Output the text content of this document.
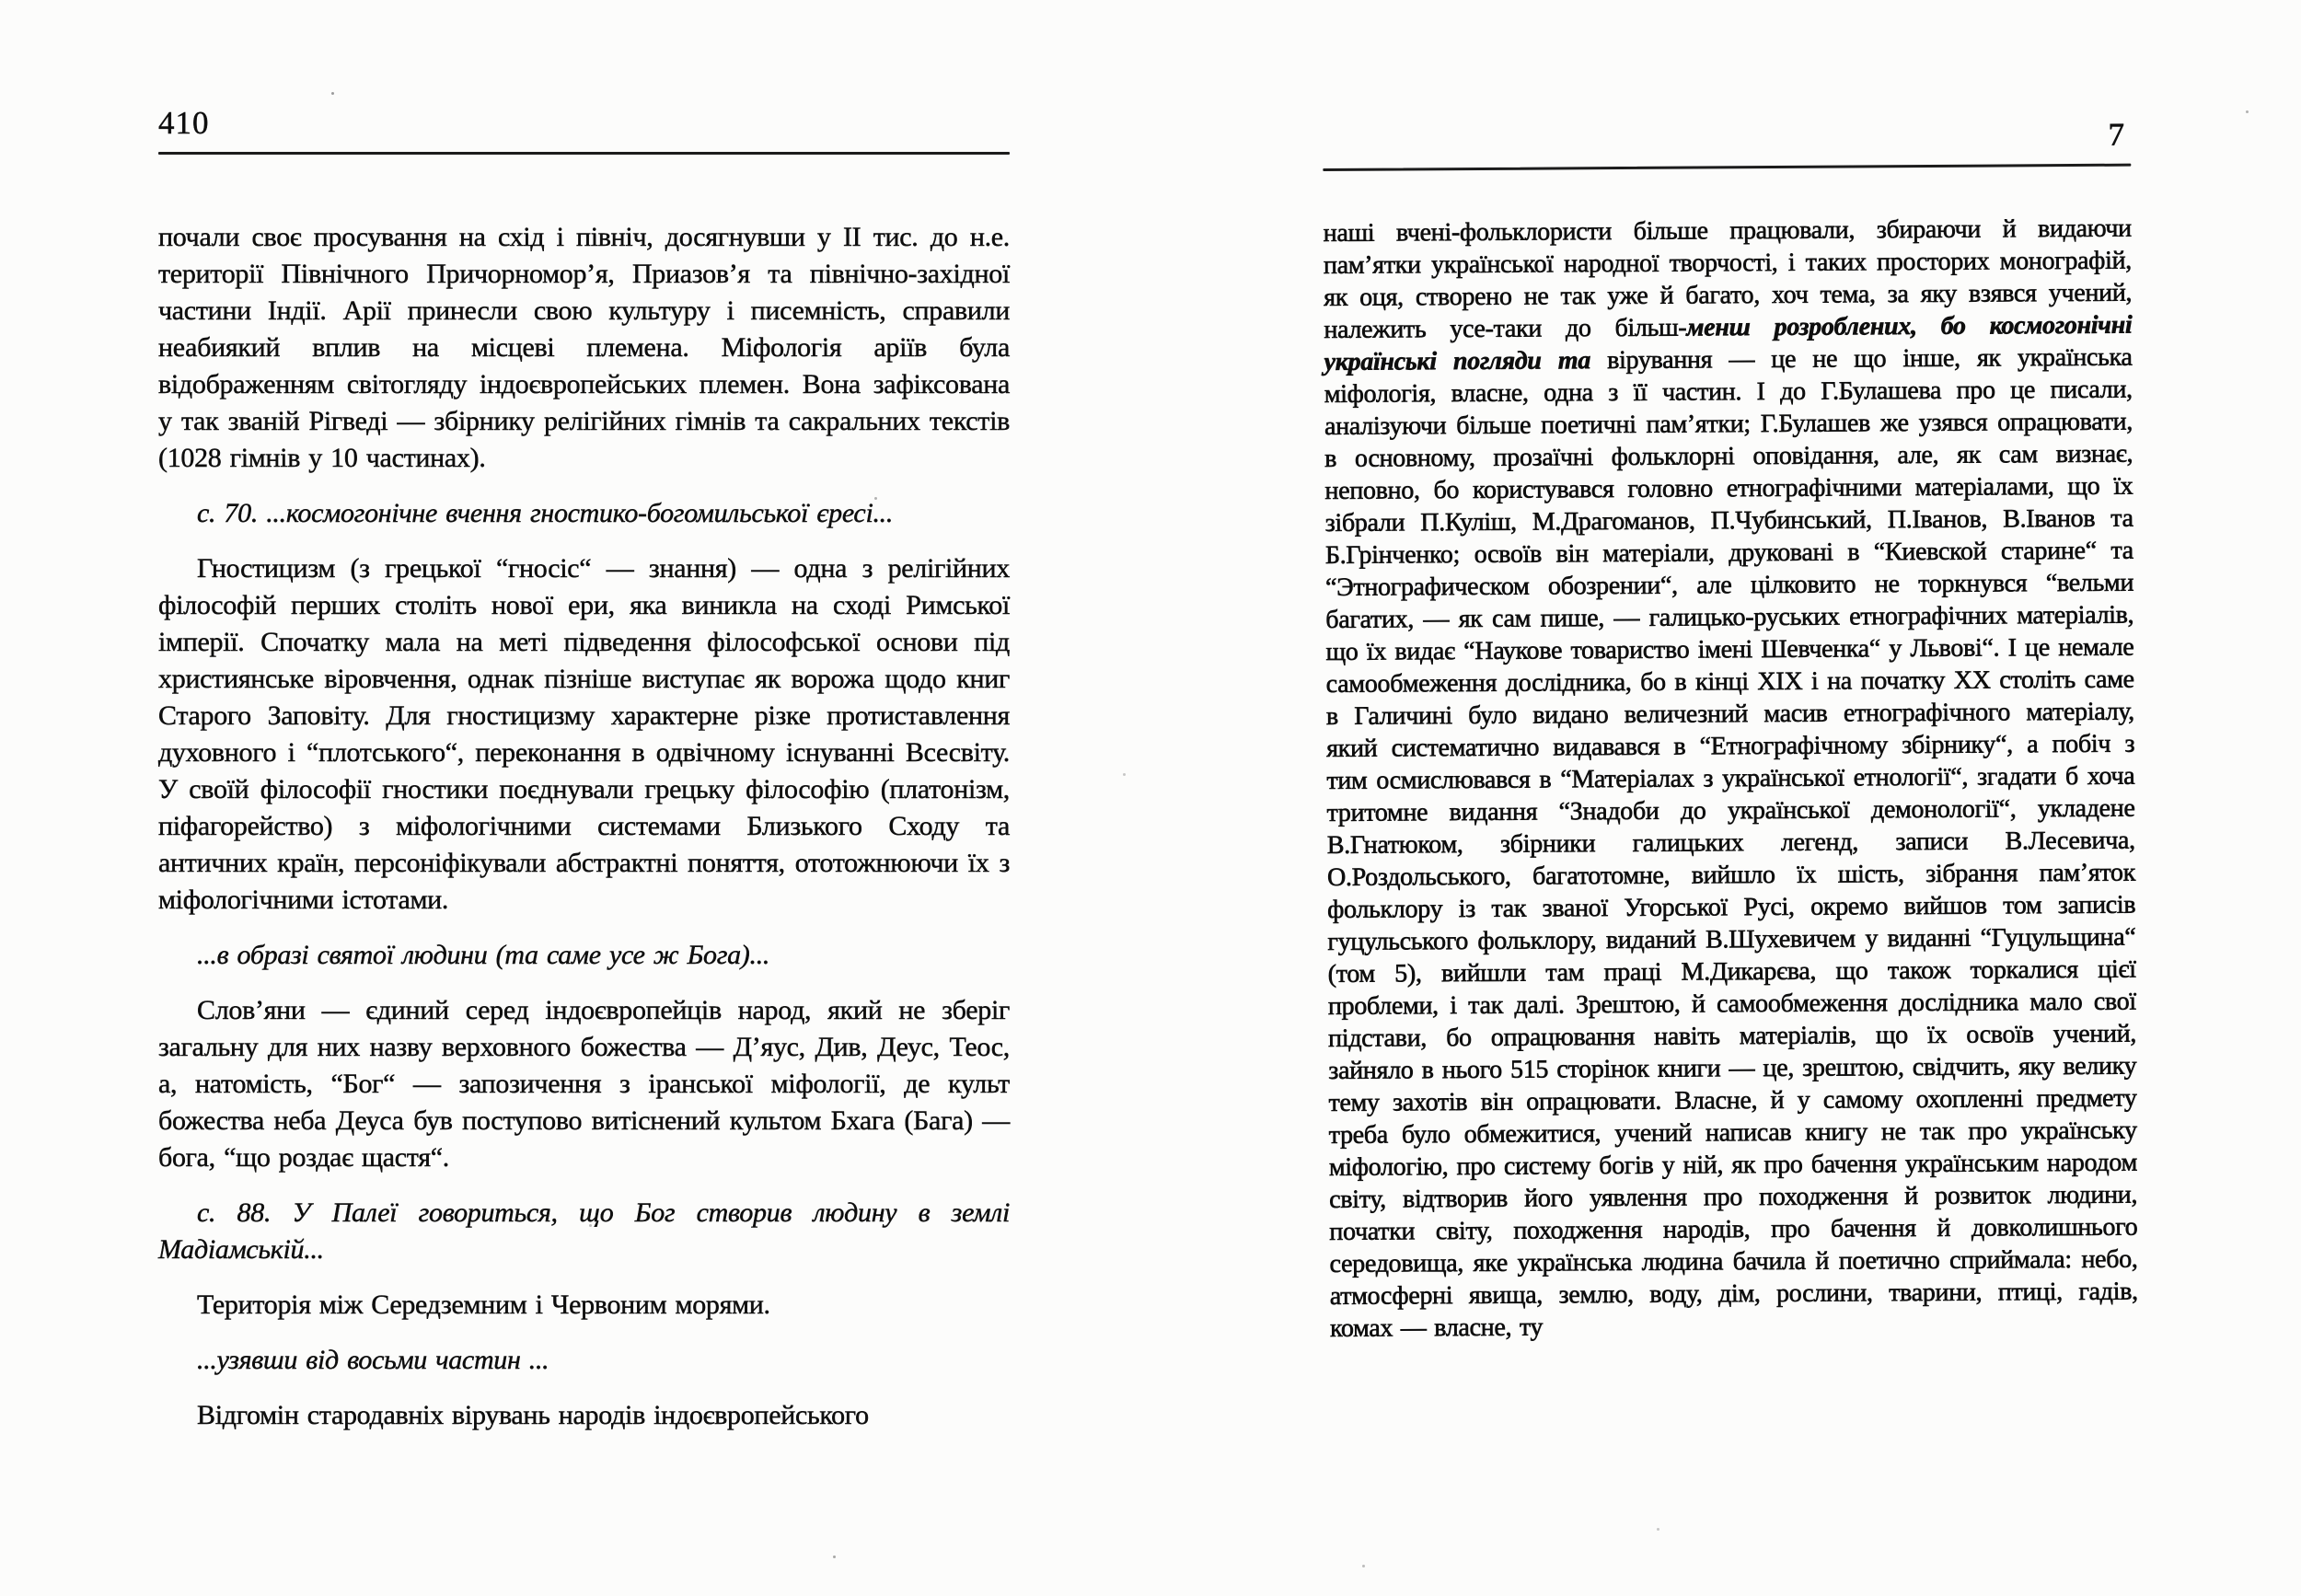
410

почали своє просування на схід і північ, досягнувши у II тис. до н.е. території Північного Причорномор’я, Приазов’я та північно-західної частини Індії. Арії принесли свою культуру і писемність, справили неабиякий вплив на місцеві племена. Міфологія аріїв була відображенням світогляду індоєвропейських племен. Вона зафіксована у так званій Рігведі — збірнику релігійних гімнів та сакральних текстів (1028 гімнів у 10 частинах).

с. 70. ...космогонічне вчення гностико-богомильської єресі...

Гностицизм (з грецької “гносіс“ — знання) — одна з релігійних філософій перших століть нової ери, яка виникла на сході Римської імперії. Спочатку мала на меті підведення філософської основи під християнське віровчення, однак пізніше виступає як ворожа щодо книг Старого Заповіту. Для гностицизму характерне різке протиставлення духовного і “плотського“, переконання в одвічному існуванні Всесвіту. У своїй філософії гностики поєднували грецьку філософію (платонізм, піфагорейство) з міфологічними системами Близького Сходу та античних країн, персоніфікували абстрактні поняття, ототожнюючи їх з міфологічними істотами.

...в образі святої людини (та саме усе ж Бога)...

Слов’яни — єдиний серед індоєвропейців народ, який не зберіг загальну для них назву верховного божества — Д’яус, Див, Деус, Теос, а, натомість, “Бог“ — запозичення з іранської міфології, де культ божества неба Деуса був поступово витіснений культом Бхага (Бага) — бога, “що роздає щастя“.

с. 88. У Палеї говориться, що Бог створив людину в землі Мадіамській...

Територія між Середземним і Червоним морями.

...узявши від восьми частин ...

Відгомін стародавніх вірувань народів індоєвропейського

7

наші вчені-фольклористи більше працювали, збираючи й видаючи пам’ятки української народної творчості, і таких просторих монографій, як оця, створено не так уже й багато, хоч тема, за яку взявся учений, належить усе-таки до більш-менш розроблених, бо космогонічні українські погляди та вірування — це не що інше, як українська міфологія, власне, одна з її частин. І до Г.Булашева про це писали, аналізуючи більше поетичні пам’ятки; Г.Булашев же узявся опрацювати, в основному, прозаїчні фольклорні оповідання, але, як сам визнає, неповно, бо користувався головно етнографічними матеріалами, що їх зібрали П.Куліш, М.Драгоманов, П.Чубинський, П.Іванов, В.Іванов та Б.Грінченко; освоїв він матеріали, друковані в “Киевской старине“ та “Этнографическом обозрении“, але цілковито не торкнувся “вельми багатих, — як сам пише, — галицько-руських етнографічних матеріалів, що їх видає “Наукове товариство імені Шевченка“ у Львові“. І це немале самообмеження дослідника, бо в кінці XIX і на початку XX століть саме в Галичині було видано величезний масив етнографічного матеріалу, який систематично видавався в “Етнографічному збірнику“, а побіч з тим осмислювався в “Матеріалах з української етнології“, згадати б хоча тритомне видання “Знадоби до української демонології“, укладене В.Гнатюком, збірники галицьких легенд, записи В.Лесевича, О.Роздольського, багатотомне, вийшло їх шість, зібрання пам’яток фольклору із так званої Угорської Русі, окремо вийшов том записів гуцульського фольклору, виданий В.Шухевичем у виданні “Гуцульщина“ (том 5), вийшли там праці М.Дикарєва, що також торкалися цієї проблеми, і так далі. Зрештою, й самообмеження дослідника мало свої підстави, бо опрацювання навіть матеріалів, що їх освоїв учений, зайняло в нього 515 сторінок книги — це, зрештою, свідчить, яку велику тему захотів він опрацювати. Власне, й у самому охопленні предмету треба було обмежитися, учений написав книгу не так про українську міфологію, про систему богів у ній, як про бачення українським народом світу, відтворив його уявлення про походження й розвиток людини, початки світу, походження народів, про бачення й довколишнього середовища, яке українська людина бачила й поетично сприймала: небо, атмосферні явища, землю, воду, дім, рослини, тварини, птиці, гадів, комах — власне, ту
